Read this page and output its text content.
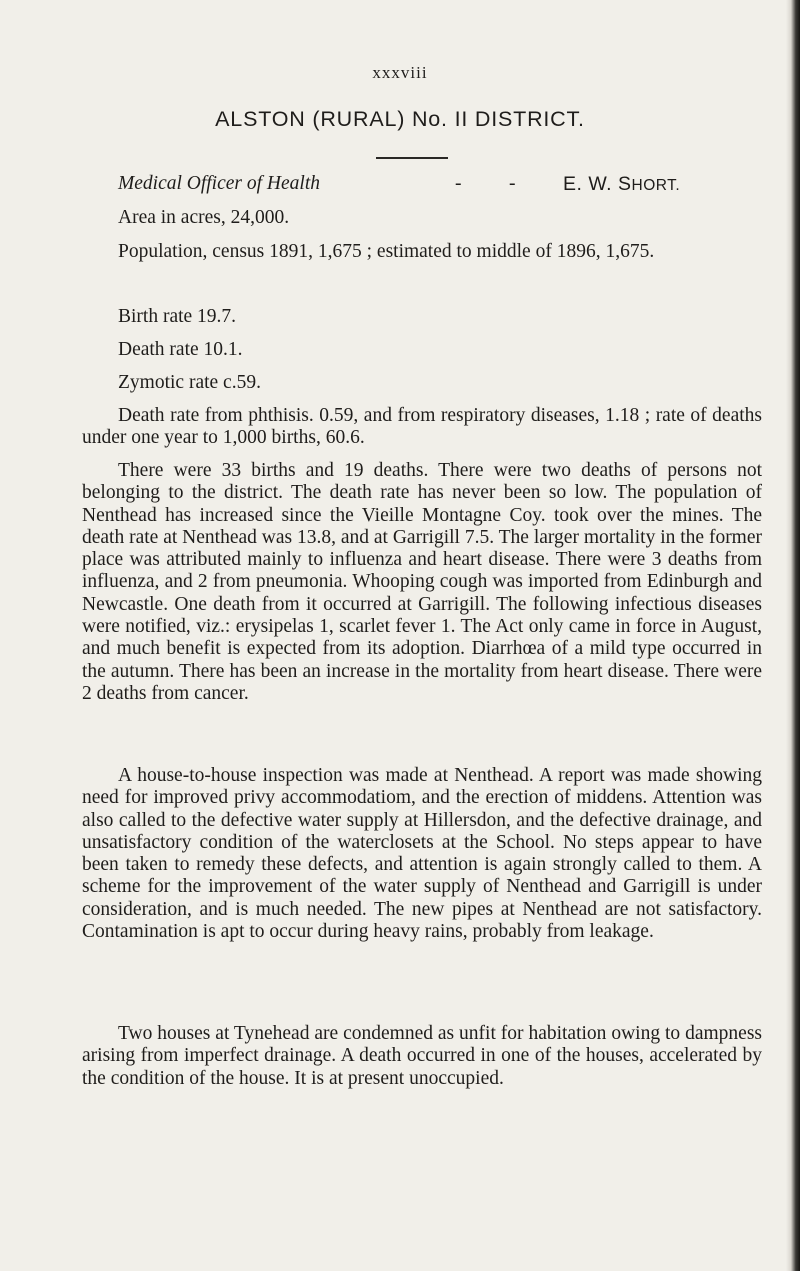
xxxviii
ALSTON (RURAL) No. II DISTRICT.
Medical Officer of Health	- - E. W. SHORT.
Area in acres, 24,000.
Population, census 1891, 1,675 ; estimated to middle of 1896, 1,675.
Birth rate 19.7.
Death rate 10.1.
Zymotic rate c.59.
Death rate from phthisis. 0.59, and from respiratory diseases, 1.18 ; rate of deaths under one year to 1,000 births, 60.6.

There were 33 births and 19 deaths. There were two deaths of persons not belonging to the district. The death rate has never been so low. The population of Nenthead has increased since the Vieille Montagne Coy. took over the mines. The death rate at Nenthead was 13.8, and at Garrigill 7.5. The larger mortality in the former place was attributed mainly to influenza and heart disease. There were 3 deaths from influenza, and 2 from pneumonia. Whooping cough was imported from Edinburgh and Newcastle. One death from it occurred at Garrigill. The following infectious diseases were notified, viz.: erysipelas 1, scarlet fever 1. The Act only came in force in August, and much benefit is expected from its adoption. Diarrhœa of a mild type occurred in the autumn. There has been an increase in the mortality from heart disease. There were 2 deaths from cancer.

A house-to-house inspection was made at Nenthead. A report was made showing need for improved privy accommodatiom, and the erection of middens. Attention was also called to the defective water supply at Hillersdon, and the defective drainage, and unsatisfactory condition of the waterclosets at the School. No steps appear to have been taken to remedy these defects, and attention is again strongly called to them. A scheme for the improvement of the water supply of Nenthead and Garrigill is under consideration, and is much needed. The new pipes at Nenthead are not satisfactory. Contamination is apt to occur during heavy rains, probably from leakage.

Two houses at Tynehead are condemned as unfit for habitation owing to dampness arising from imperfect drainage. A death occurred in one of the houses, accelerated by the condition of the house. It is at present unoccupied.
